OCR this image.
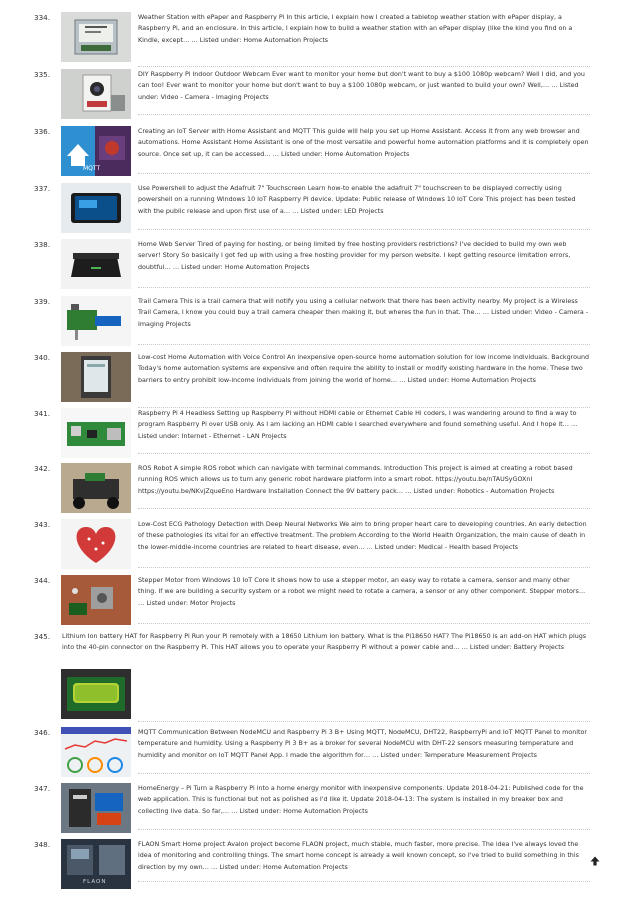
334.	Weather Station with ePaper and Raspberry Pi In this article, I explain how I created a tabletop weather station with ePaper display, a Raspberry Pi, and an enclosure. In this article, I explain how to build a weather station with an ePaper display (like the kind you find on a Kindle, except… … Listed under: Home Automation Projects
335.	DIY Raspberry Pi Indoor Outdoor Webcam Ever want to monitor your home but don't want to buy a $100 1080p webcam? Well I did, and you can too! Ever want to monitor your home but don't want to buy a $100 1080p webcam, or just wanted to build your own? Well,… … Listed under: Video - Camera - Imaging Projects
336.
MQTT
Creating an IoT Server with Home Assistant and MQTT This guide will help you set up Home Assistant. Access it from any web browser and automations. Home Assistant Home Assistant is one of the most versatile and powerful home automation platforms and it is completely open source. Once set up, it can be accessed… … Listed under: Home Automation Projects
337.	Use Powershell to adjust the Adafruit 7" Touchscreen Learn how-to enable the adafruit 7" touchscreen to be displayed correctly using powershell on a running Windows 10 IoT Raspberry Pi device. Update: Public release of Windows 10 IoT Core This project has been tested with the public release and upon first use of a… … Listed under: LED Projects
338.	Home Web Server Tired of paying for hosting, or being limited by free hosting providers restrictions? I've decided to build my own web server! Story So basically I got fed up with using a free hosting provider for my person website. I kept getting resource limitation errors, doubtful… … Listed under: Home Automation Projects
339.	Trail Camera This is a trail camera that will notify you using a cellular network that there has been activity nearby. My project is a Wireless Trail Camera, I know you could buy a trail camera cheaper then making it, but wheres the fun in that. The… … Listed under: Video - Camera - Imaging Projects
340.	Low-cost Home Automation with Voice Control An inexpensive open-source home automation solution for low income individuals. Background Today's home automation systems are expensive and often require the ability to install or modify existing hardware in the home. These two barriers to entry prohibit low-income individuals from joining the world of home… … Listed under: Home Automation Projects
341.	Raspberry Pi 4 Headless Setting up Raspberry Pi without HDMI cable or Ethernet Cable Hi coders, I was wandering around to find a way to program Raspberry Pi over USB only. As I am lacking an HDMI cable I searched everywhere and found something useful. And I hope it… … Listed under: Internet - Ethernet - LAN Projects
342.	ROS Robot A simple ROS robot which can navigate with terminal commands. Introduction This project is aimed at creating a robot based running ROS which allows us to turn any generic robot hardware platform into a smart robot. https://youtu.be/nTAUSyGOXnI https://youtu.be/NKvjZqueEno Hardware Installation Connect the 9V battery pack… … Listed under: Robotics - Automation Projects
343.	Low-Cost ECG Pathology Detection with Deep Neural Networks We aim to bring proper heart care to developing countries. An early detection of these pathologies its vital for an effective treatment. The problem According to the World Health Organization, the main cause of death in the lower-middle-income countries are related to heart disease, even… … Listed under: Medical - Health based Projects
344.	Stepper Motor from Windows 10 IoT Core It shows how to use a stepper motor, an easy way to rotate a camera, sensor and many other thing. If we are building a security system or a robot we might need to rotate a camera, a sensor or any other component. Stepper motors… … Listed under: Motor Projects
345. Lithium Ion battery HAT for Raspberry Pi Run your Pi remotely with a 18650 Lithium Ion battery. What is the Pi18650 HAT? The Pi18650 is an add-on HAT which plugs into the 40-pin connector on the Raspberry Pi. This HAT allows you to operate your Raspberry Pi without a power cable and… … Listed under: Battery Projects
346.	MQTT Communication Between NodeMCU and Raspberry Pi 3 B+ Using MQTT, NodeMCU, DHT22, RaspberryPi and IoT MQTT Panel to monitor temperature and humidity. Using a Raspberry Pi 3 B+ as a broker for several NodeMCU with DHT-22 sensors measuring temperature and humidity and monitor on IoT MQTT Panel App. I made the algorithm for… … Listed under: Temperature Measurement Projects
347.	HomeEnergy – Pi Turn a Raspberry Pi into a home energy monitor with inexpensive components. Update 2018-04-21: Published code for the web application. This is functional but not as polished as I'd like it. Update 2018-04-13: The system is installed in my breaker box and collecting live data. So far,… … Listed under: Home Automation Projects
348.
FLAON
FLAON Smart Home project Avalon project become FLAON project, much stable, much faster, more precise. The idea I've always loved the idea of monitoring and controlling things. The smart home concept is already a well known concept, so I've tried to build something in this direction by my own… … Listed under: Home Automation Projects
